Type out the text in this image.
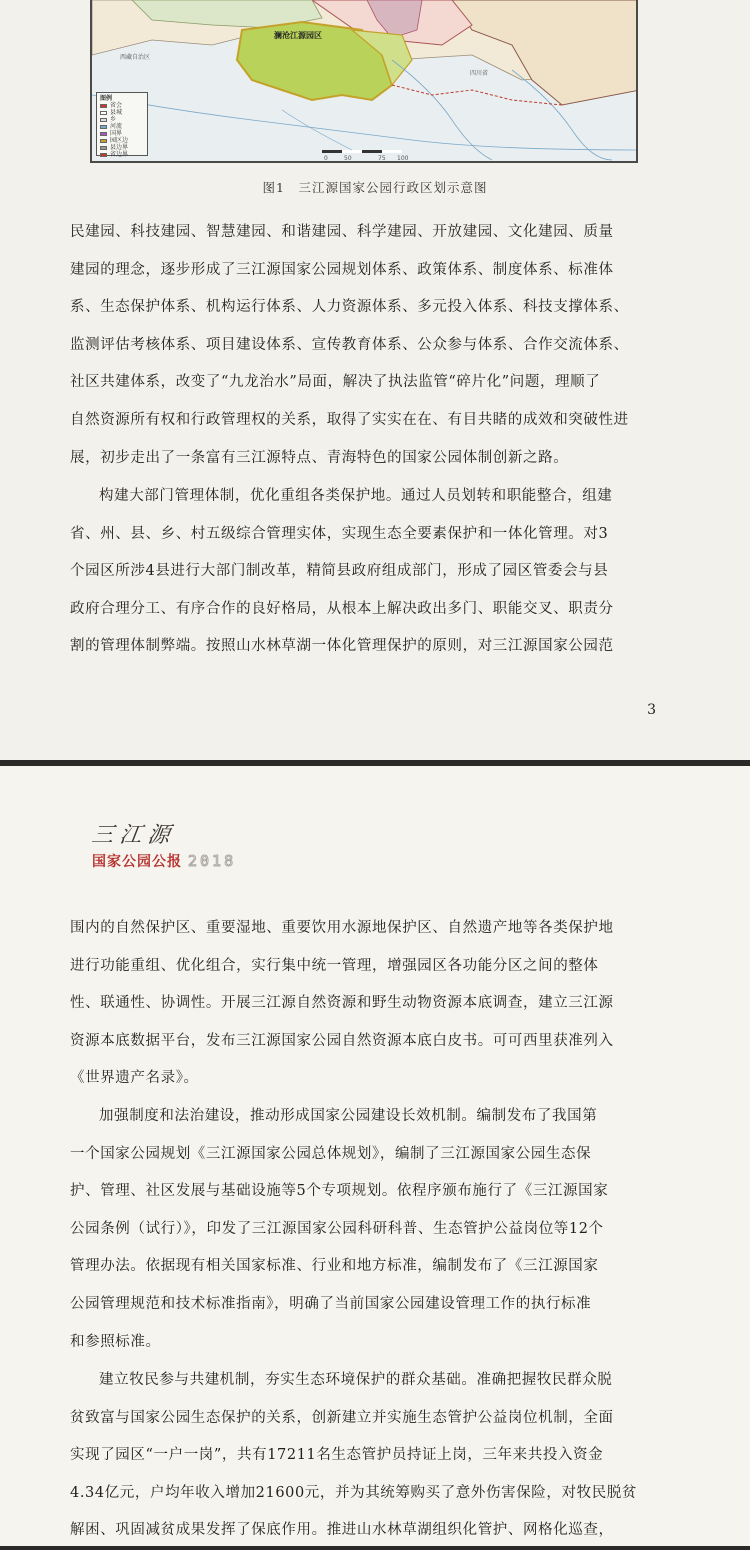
澜沧江源园区
西藏自治区
四川省
0	50	75 100
图例
省会
县城
乡
河流
国界
园区边
县边界
省边界
图1　三江源国家公园行政区划示意图
民建园、科技建园、智慧建园、和谐建园、科学建园、开放建园、文化建园、质量
建园的理念，逐步形成了三江源国家公园规划体系、政策体系、制度体系、标准体
系、生态保护体系、机构运行体系、人力资源体系、多元投入体系、科技支撑体系、
监测评估考核体系、项目建设体系、宣传教育体系、公众参与体系、合作交流体系、
社区共建体系，改变了“九龙治水”局面，解决了执法监管“碎片化”问题，理顺了
自然资源所有权和行政管理权的关系，取得了实实在在、有目共睹的成效和突破性进
展，初步走出了一条富有三江源特点、青海特色的国家公园体制创新之路。
构建大部门管理体制，优化重组各类保护地。通过人员划转和职能整合，组建
省、州、县、乡、村五级综合管理实体，实现生态全要素保护和一体化管理。对3
个园区所涉4县进行大部门制改革，精简县政府组成部门，形成了园区管委会与县
政府合理分工、有序合作的良好格局，从根本上解决政出多门、职能交叉、职责分
割的管理体制弊端。按照山水林草湖一体化管理保护的原则，对三江源国家公园范
3
三江源
国家公园公报 2018
围内的自然保护区、重要湿地、重要饮用水源地保护区、自然遗产地等各类保护地
进行功能重组、优化组合，实行集中统一管理，增强园区各功能分区之间的整体
性、联通性、协调性。开展三江源自然资源和野生动物资源本底调查，建立三江源
资源本底数据平台，发布三江源国家公园自然资源本底白皮书。可可西里获准列入
《世界遗产名录》。
加强制度和法治建设，推动形成国家公园建设长效机制。编制发布了我国第
一个国家公园规划《三江源国家公园总体规划》，编制了三江源国家公园生态保
护、管理、社区发展与基础设施等5个专项规划。依程序颁布施行了《三江源国家
公园条例（试行）》，印发了三江源国家公园科研科普、生态管护公益岗位等12个
管理办法。依据现有相关国家标准、行业和地方标准，编制发布了《三江源国家
公园管理规范和技术标准指南》，明确了当前国家公园建设管理工作的执行标准
和参照标准。
建立牧民参与共建机制，夯实生态环境保护的群众基础。准确把握牧民群众脱
贫致富与国家公园生态保护的关系，创新建立并实施生态管护公益岗位机制，全面
实现了园区“一户一岗”，共有17211名生态管护员持证上岗，三年来共投入资金
4.34亿元，户均年收入增加21600元，并为其统筹购买了意外伤害保险，对牧民脱贫
解困、巩固减贫成果发挥了保底作用。推进山水林草湖组织化管护、网格化巡查，
